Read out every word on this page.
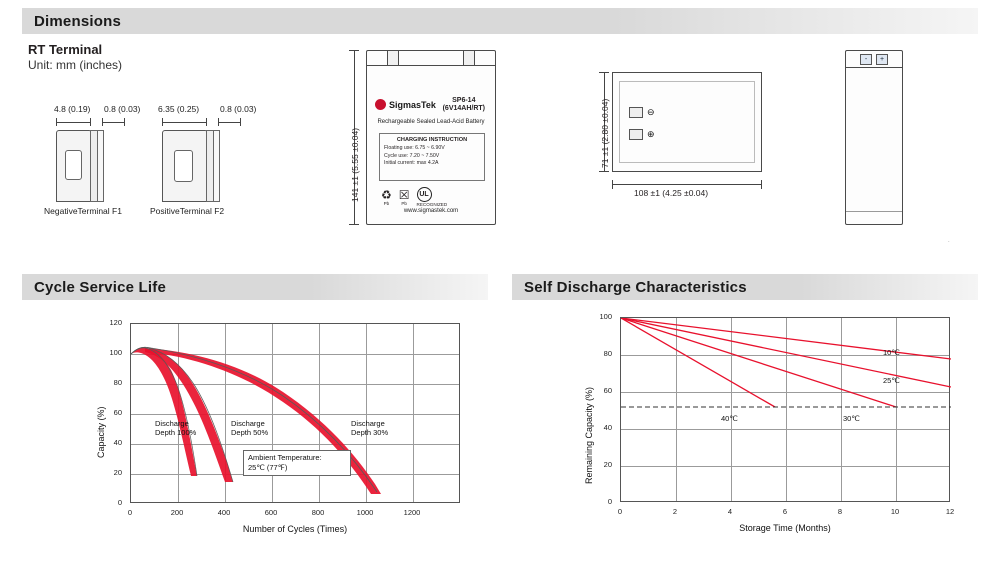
Dimensions
RT Terminal
Unit: mm (inches)
4.8 (0.19) 0.8 (0.03)
NegativeTerminal F1
6.35 (0.25) 0.8 (0.03)
PositiveTerminal F2
141 ±1 (5.55 ±0.04)
SigmasTek	SP6-14
(6V14AH/RT)
Rechargeable Sealed Lead-Acid Battery
CHARGING INSTRUCTION
Floating use: 6.75 ~ 6.90V
Cycle use: 7.20 ~ 7.50V
Initial current: max 4.2A
♻
Pb
☒
Pb
UL
RECOGNIZED
www.sigmastek.com
⊖
⊕
71 ±1 (2.80 ±0.04)
108 ±1 (4.25 ±0.04)
-	+
.
Cycle Service Life
Discharge
Depth 100%
Discharge
Depth 50%
Discharge
Depth 30%
Ambient Temperature:
25℃ (77℉)
120
100
80
60
40
20
0
0	200	400	600	800	1000	1200
Number of Cycles (Times)
Capacity (%)
Self Discharge Characteristics
10℃
25℃
30℃
40℃
100
80
60
40
20
0
0	2	4	6	8	10	12
Storage Time (Months)
Remaining Capacity (%)
